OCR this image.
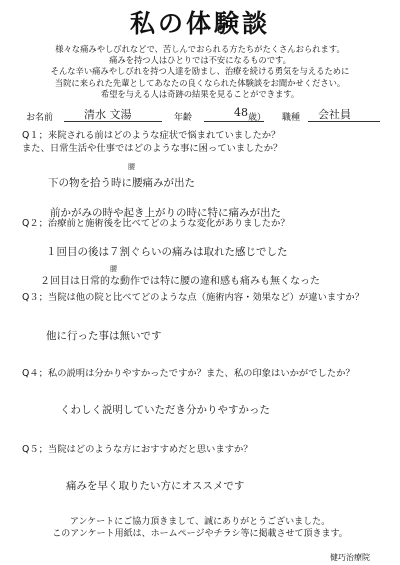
私の体験談
様々な痛みやしびれなどで、苦しんでおられる方たちがたくさんおられます。
痛みを持つ人はひとりでは不安になるものです。
そんな辛い痛みやしびれを持つ人達を励まし、治療を続ける勇気を与えるために
当院に来られた先輩としてあなたの良くなられた体験談をお聞かせください。
希望を与える人は奇跡の結果を見ることができます。
お名前	清水 文湯	年齢	48 歳） 職種 会社員
Q１；来院される前はどのような症状で悩まれていましたか？
また、日常生活や仕事ではどのような事に困っていましたか？
腰
下の物を拾う時に腰痛みが出た
前かがみの時や起き上がりの時に特に痛みが出た
Q２；治療前と施術後を比べてどのような変化がありましたか？
１回目の後は７割ぐらいの痛みは取れた感じでした
腰
２回目は日常的な動作では特に腰の違和感も痛みも無くなった
Q３；当院は他の院と比べてどのような点（施術内容・効果など）が違いますか？
他に行った事は無いです
Q４；私の説明は分かりやすかったですか？また、私の印象はいかがでしたか？
くわしく説明していただき分かりやすかった
Q５；当院はどのような方におすすめだと思いますか？
痛みを早く取りたい方にオススメです
アンケートにご協力頂きまして、誠にありがとうございました。
このアンケート用紙は、ホームページやチラシ等に掲載させて頂きます。
健巧治療院
